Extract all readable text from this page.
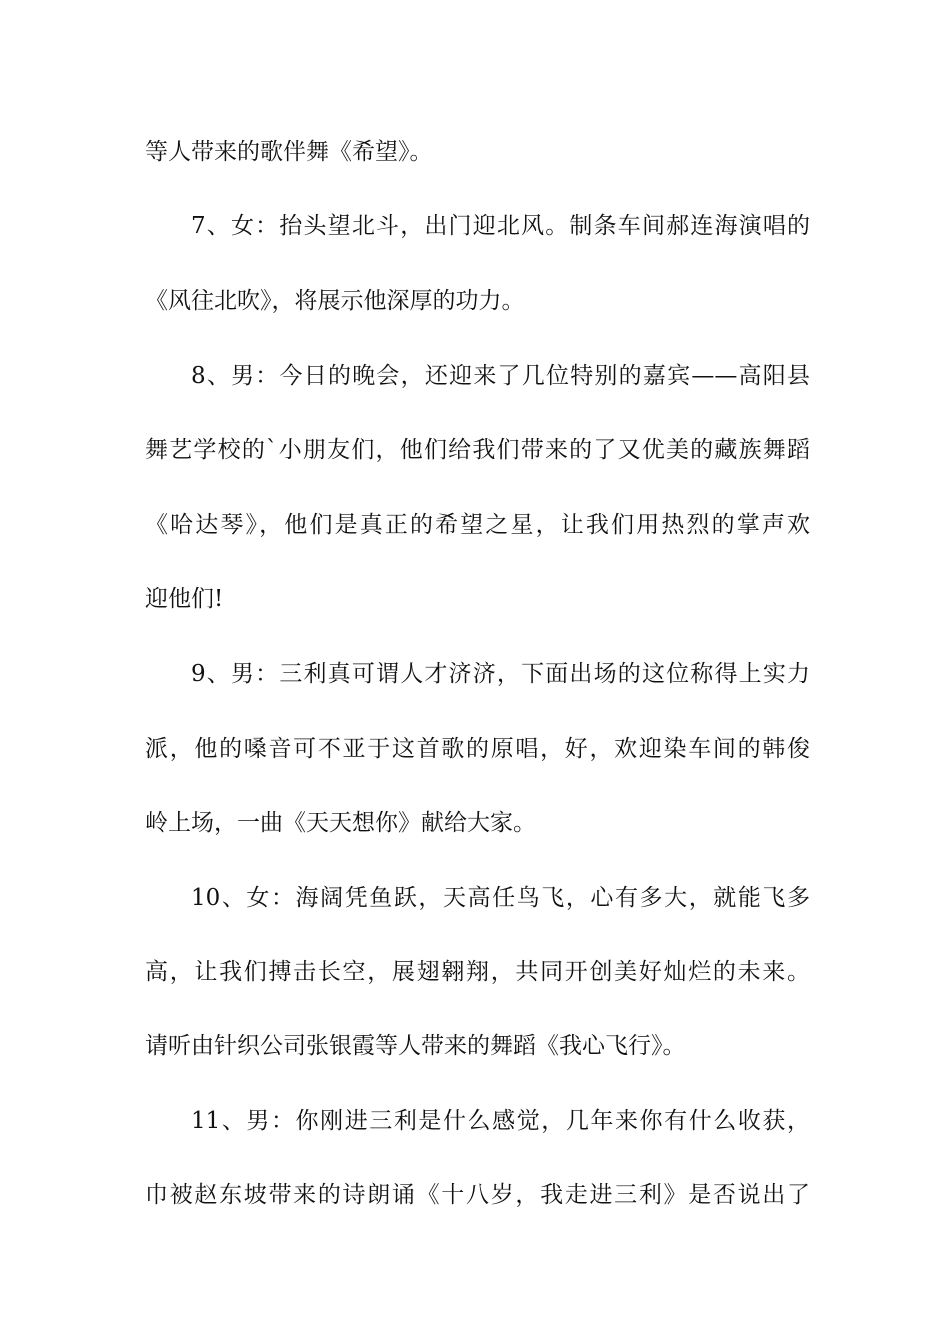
等人带来的歌伴舞《希望》。
7、女：抬头望北斗，出门迎北风。制条车间郝连海演唱的
《风往北吹》，将展示他深厚的功力。
8、男：今日的晚会，还迎来了几位特别的嘉宾——高阳县
舞艺学校的`小朋友们，他们给我们带来的了又优美的藏族舞蹈
《哈达琴》，他们是真正的希望之星，让我们用热烈的掌声欢
迎他们!
9、男：三利真可谓人才济济，下面出场的这位称得上实力
派，他的嗓音可不亚于这首歌的原唱，好，欢迎染车间的韩俊
岭上场，一曲《天天想你》献给大家。
10、女：海阔凭鱼跃，天高任鸟飞，心有多大，就能飞多
高，让我们搏击长空，展翅翱翔，共同开创美好灿烂的未来。
请听由针织公司张银霞等人带来的舞蹈《我心飞行》。
11、男：你刚进三利是什么感觉，几年来你有什么收获，
巾被赵东坡带来的诗朗诵《十八岁，我走进三利》是否说出了
